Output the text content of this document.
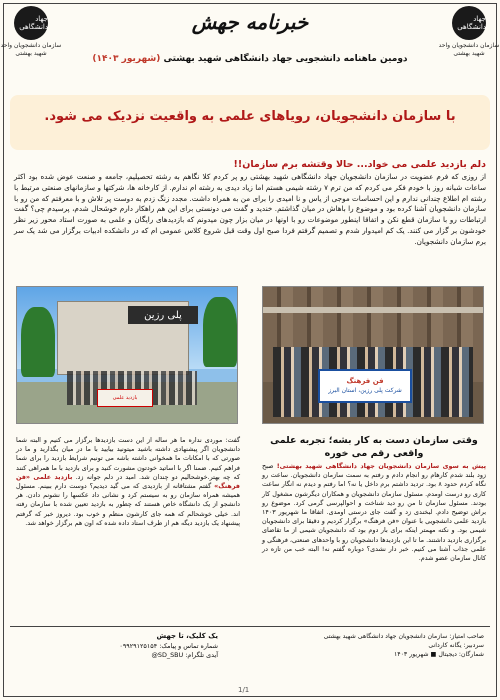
جهاد دانشگاهی
سازمان دانشجویان واحد شهید بهشتی
جهاد دانشگاهی
سازمان دانشجویان واحد شهید بهشتی
خبرنامه جهش
دومین ماهنامه دانشجویی جهاد دانشگاهی شهید بهشتی (شهریور ۱۴۰۳)
با سازمان دانشجویان، رویاهای علمی به واقعیت نزدیک می شود.
دلم بازدید علمی می خواد... حالا وقتشه برم سازمان!!
از روزی که فرم عضویت در سازمان دانشجویان جهاد دانشگاهی شهید بهشتی رو پر کردم کلا نگاهم به رشته تحصیلیم، جامعه و صنعت عوض شده بود اکثر ساعات شبانه روز با خودم فکر می کردم که من ترم ۷ رشته شیمی هستم اما زیاد دیدی به رشته ام ندارم. از کارخانه ها، شرکتها و سازمانهای صنعتی مرتبط با رشته ام اطلاع چندانی ندارم و این احساسات موجی از یاس و نا امیدی را برای من به همراه داشت. مجدد زنگ زدم به دوست پر تلاش و با معرفتم که من رو با سازمان دانشجویان آشنا کرده بود و موضوع را باهاش در میان گذاشتم. خندید و گفت می دونستی برای این هم راهکار دارم خوشحال شدم، پرسیدم چی؟ گفت ارتباطات رو با سازمان قطع نکن و اتفاقا اینطور موضوعات رو با اونها در میان بزار چون میدونم که بازدیدهای رایگان و علمی به صورت استاد محور زیر نظر خودشون بر گزار می کنند. یک کم امیدوار شدم و تصمیم گرفتم فردا صبح اول وقت قبل شروع کلاس عمومی ام که در دانشکده ادبیات برگزار می شد یک سر برم سازمان دانشجویان.
پلی رزین
بازدید علمی
فن فرهنگ
شرکت پلی رزین، استان البرز
وقتی سازمان دست به کار بشه؛ تجربه علمی واقعی رقم می خوره
پیش به سوی سازمان دانشجویان جهاد دانشگاهی شهید بهشتی! صبح زود بلند شدم کارهام رو انجام دادم و رفتم به سمت سازمان دانشجویان. ساعت رو نگاه کردم حدود ۸ بود. تردید داشتم برم داخل یا نه؟ اما رفتم و دیدم نه انگار ساعت کاری رو درست اومدم. مسئول سازمان دانشجویان و همکاران دیگرشون مشغول کار بودند. مسئول سازمان تا من رو دید شناخت و احوالپرسی گرمی کرد. موضوع رو براش توضیح دادم. لبخندی زد و گفت جای درستی اومدی. اتفاقا ما شهریور ۱۴۰۳ بازدید علمی دانشجویی با عنوان «فن فرهنگ» برگزار کردیم و دقیقا برای دانشجویان شیمی بود. و نکته مهمتر اینکه برای بار دوم بود که دانشجویان شیمی از ما تقاضای برگزاری بازدید داشتند. ما تا این بازدیدها دانشجویان رو با واحدهای صنعتی، فرهنگی و علمی جذاب آشنا می کنیم. خبر دار نشدی؟ دوباره گفتم نه! البته خب من تازه در کانال سازمان عضو شدم.
گفت: موردی نداره ما هر ساله از این دست بازدیدها برگزار می کنیم و البته شما دانشجویان اگر پیشنهادی داشته باشید میتونید بیایید با ما در میان بگذارید و ما در صورتی که با امکانات ما همخوانی داشته باشه می تونیم شرایط بازدید را برای شما فراهم کنیم. ضمنا اگر با اساتید خودتون مشورت کنید و برای بازدید با ما همراهی کنند که چه بهتر.خوشحالیم دو چندان شد. امید در دلم جوانه زد. بازدید علمی «فن فرهنگ» گفتم مشتاقانه از بازدیدی که می گید دیدیم؟ دوست دارم ببینم. مسئول همیشه همراه سازمان رو به سیستم کرد و نشانی داد عکسها را نشونم دادن. هر دانشجو از یک دانشگاه خاص هستند که چطور به بازدید تعیین شده با سازمان رفته اند. خیلی خوشحالم که همه جای کارشون منظم و خوب بود. دیروز خبر که گرفتم پیشنهاد یک بازدید دیگه هم از طرف استاد داده شده که اون هم برگزار خواهد شد.
صاحب امتیاز: سازمان دانشجویان جهاد دانشگاهی شهید بهشتی
سردبیر: یگانه کاردانی
شمارگان: دیجیتال ■ شهریور ۱۴۰۳
یک کلیک، تا جهش
شماره تماس و پیامک: ۰۹۹۲۹۱۲۵۱۵۴
آیدی تلگرام: SD_SBU@
1/1
